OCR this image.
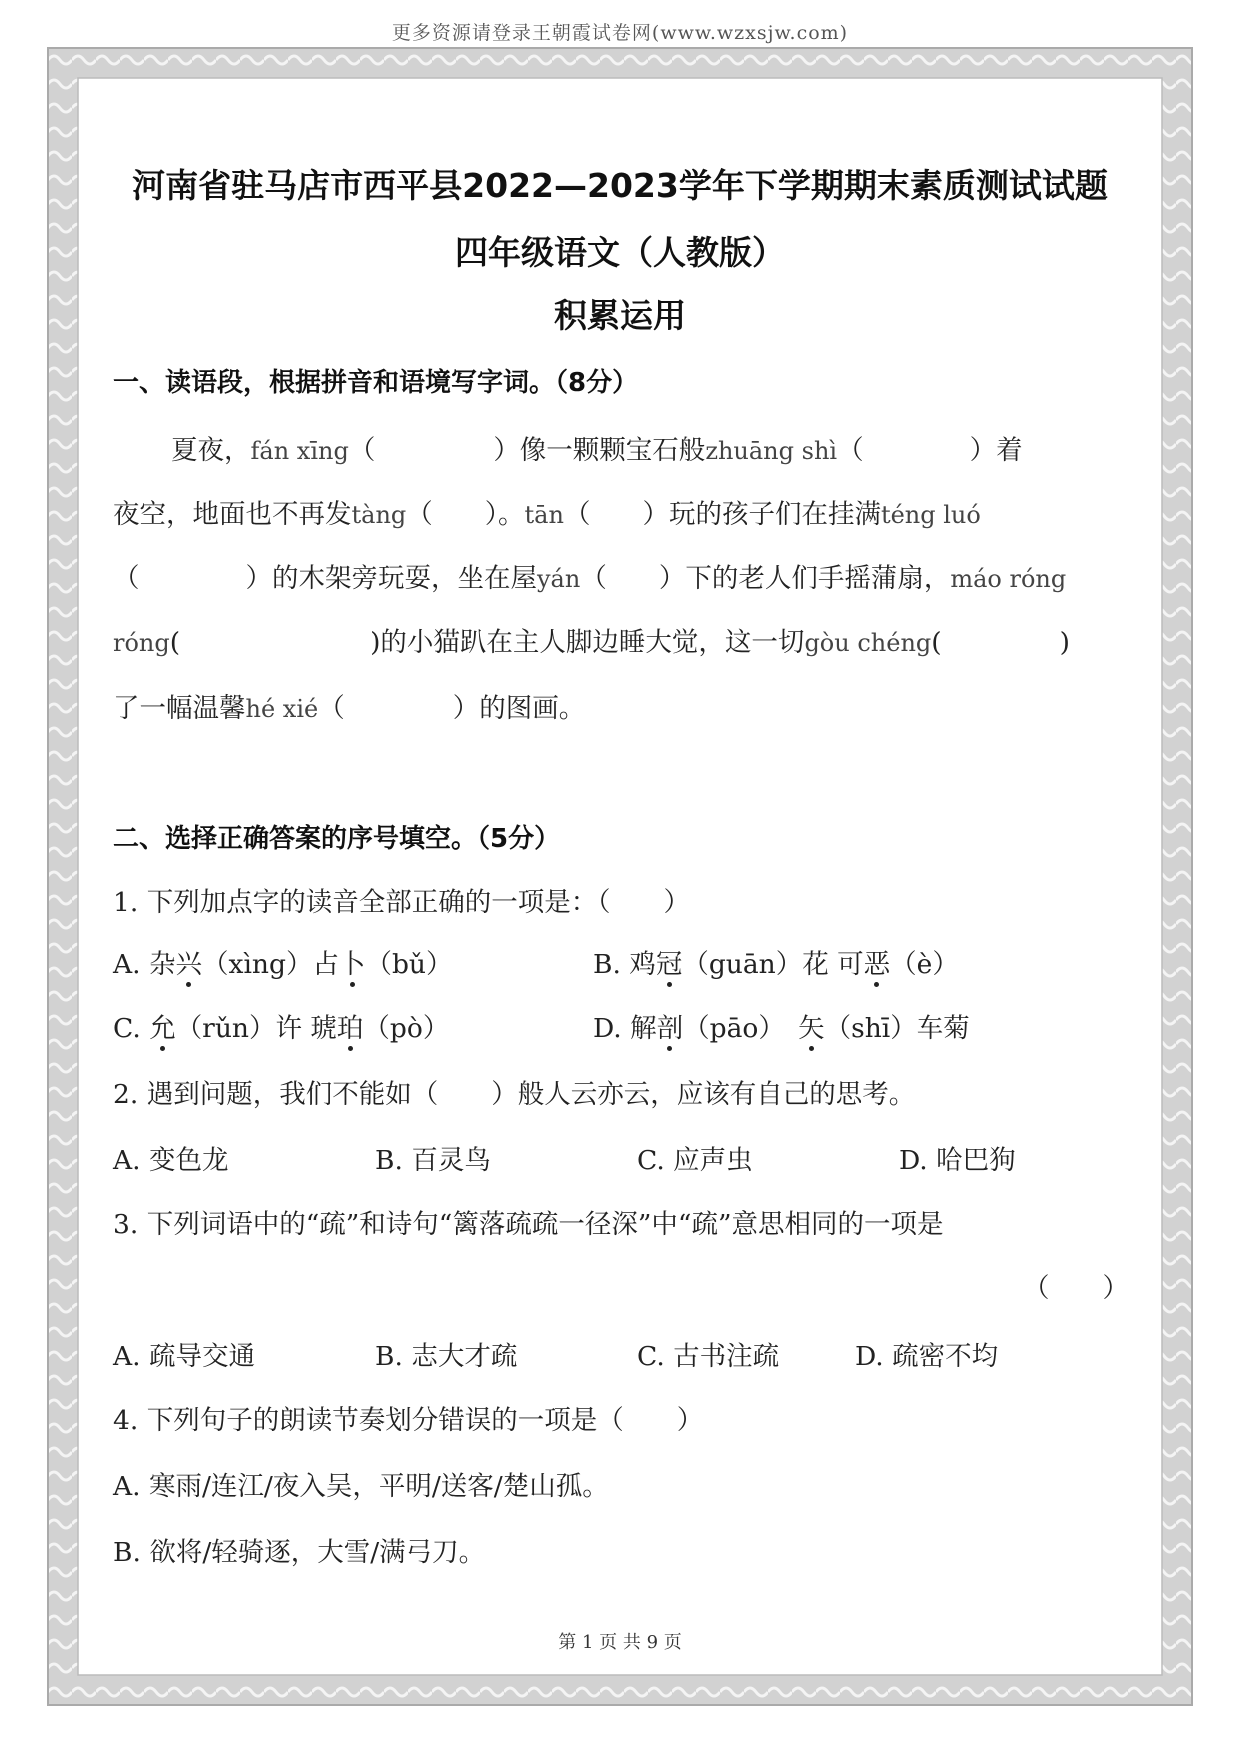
更多资源请登录王朝霞试卷网(www.wzxsjw.com)
河南省驻马店市西平县2022—2023学年下学期期末素质测试试题
四年级语文（人教版）
积累运用
一、读语段，根据拼音和语境写字词。（8分）
夏夜，fán xīng（	）像一颗颗宝石般zhuāng shì（	）着
夜空，地面也不再发tàng（ ）。tān（ ）玩的孩子们在挂满téng luó
（	）的木架旁玩耍，坐在屋yán（ ）下的老人们手摇蒲扇，máo róng
róng(	)的小猫趴在主人脚边睡大觉，这一切gòu chéng(	)
了一幅温馨hé xié（	）的图画。
二、选择正确答案的序号填空。（5分）
1. 下列加点字的读音全部正确的一项是：（　　）
A. 杂兴（xìng）占卜（bǔ）	B. 鸡冠（guān）花 可恶（è）
C. 允（rǔn）许 琥珀（pò）	D. 解剖（pāo）　矢（shī）车菊
2. 遇到问题，我们不能如（　　）般人云亦云，应该有自己的思考。
A. 变色龙	B. 百灵鸟	C. 应声虫	D. 哈巴狗
3. 下列词语中的“疏”和诗句“篱落疏疏一径深”中“疏”意思相同的一项是
（　　）
A. 疏导交通	B. 志大才疏	C. 古书注疏	D. 疏密不均
4. 下列句子的朗读节奏划分错误的一项是（　　）
A. 寒雨/连江/夜入吴，平明/送客/楚山孤。
B. 欲将/轻骑逐，大雪/满弓刀。
第 1 页 共 9 页
